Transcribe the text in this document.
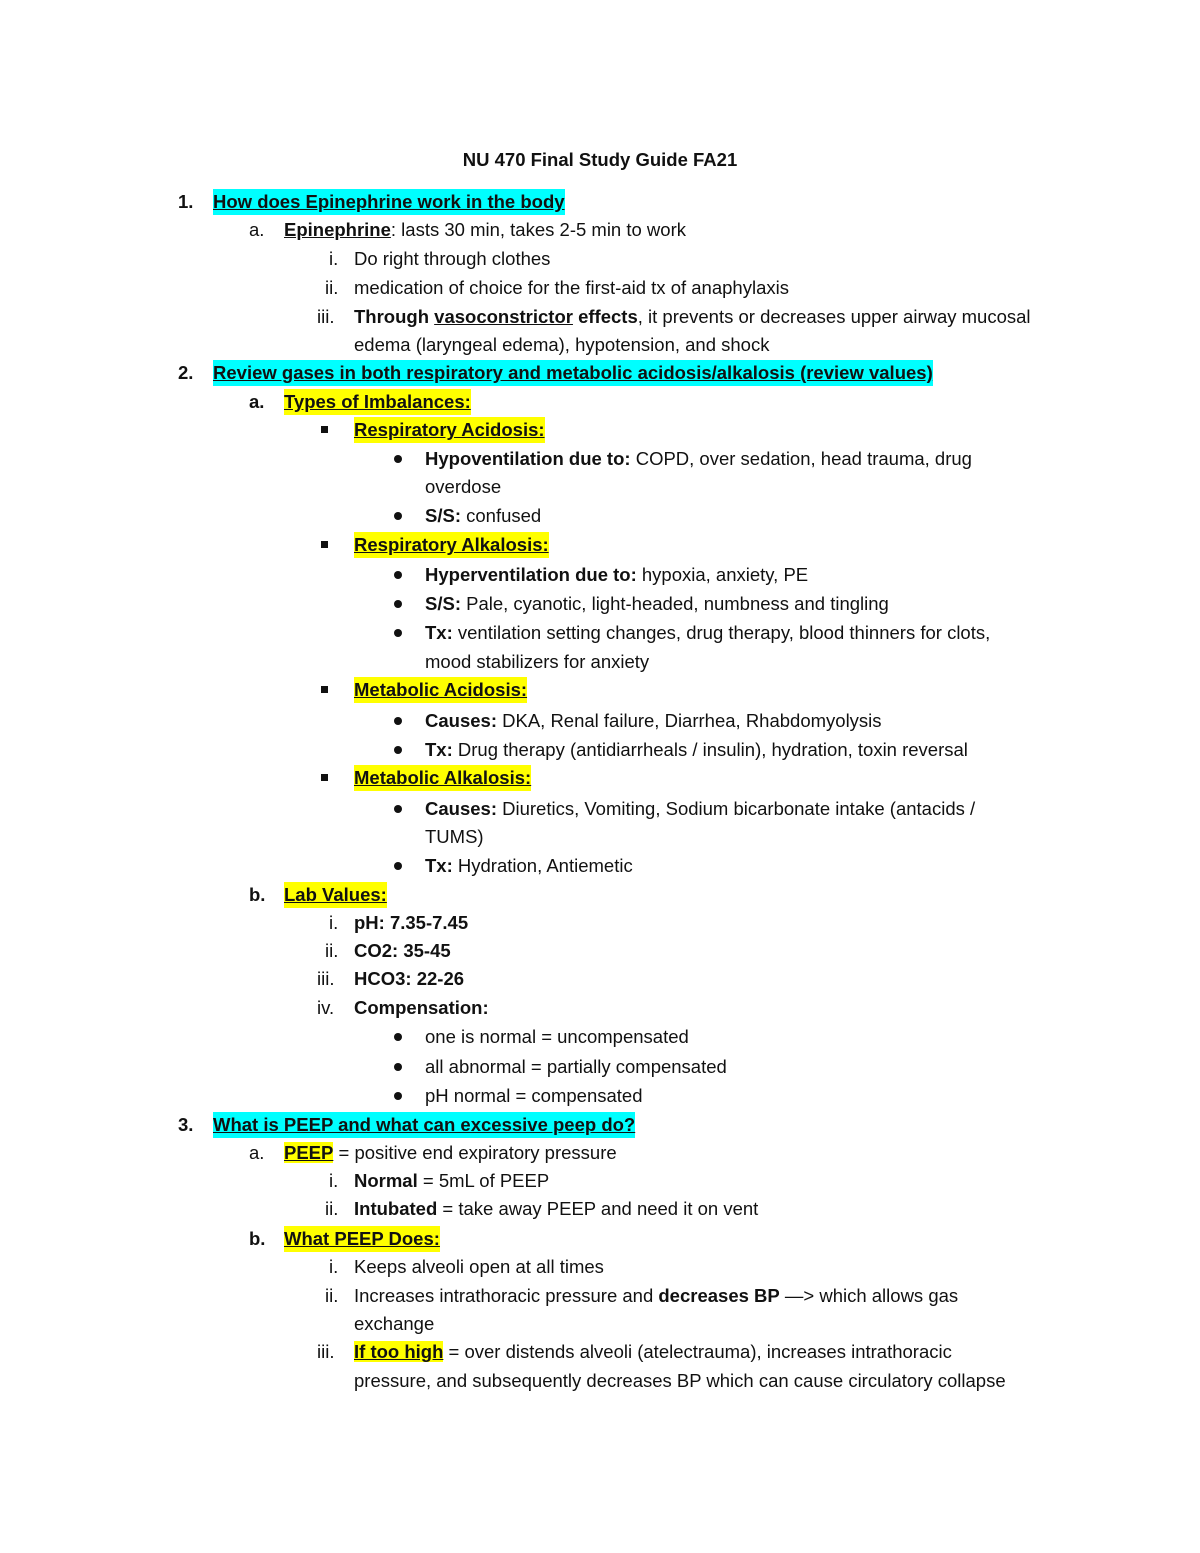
NU 470 Final Study Guide FA21
1. How does Epinephrine work in the body
a. Epinephrine: lasts 30 min, takes 2-5 min to work
i. Do right through clothes
ii. medication of choice for the first-aid tx of anaphylaxis
iii. Through vasoconstrictor effects, it prevents or decreases upper airway mucosal
edema (laryngeal edema), hypotension, and shock
2. Review gases in both respiratory and metabolic acidosis/alkalosis (review values)
a. Types of Imbalances:
Respiratory Acidosis:
Hypoventilation due to: COPD, over sedation, head trauma, drug
overdose
S/S: confused
Respiratory Alkalosis:
Hyperventilation due to: hypoxia, anxiety, PE
S/S: Pale, cyanotic, light-headed, numbness and tingling
Tx: ventilation setting changes, drug therapy, blood thinners for clots,
mood stabilizers for anxiety
Metabolic Acidosis:
Causes: DKA, Renal failure, Diarrhea, Rhabdomyolysis
Tx: Drug therapy (antidiarrheals / insulin), hydration, toxin reversal
Metabolic Alkalosis:
Causes: Diuretics, Vomiting, Sodium bicarbonate intake (antacids /
TUMS)
Tx: Hydration, Antiemetic
b. Lab Values:
i. pH: 7.35-7.45
ii. CO2: 35-45
iii. HCO3: 22-26
iv. Compensation:
one is normal = uncompensated
all abnormal = partially compensated
pH normal = compensated
3. What is PEEP and what can excessive peep do?
a. PEEP = positive end expiratory pressure
i. Normal = 5mL of PEEP
ii. Intubated = take away PEEP and need it on vent
b. What PEEP Does:
i. Keeps alveoli open at all times
ii. Increases intrathoracic pressure and decreases BP —> which allows gas
exchange
iii. If too high = over distends alveoli (atelectrauma), increases intrathoracic
pressure, and subsequently decreases BP which can cause circulatory collapse
